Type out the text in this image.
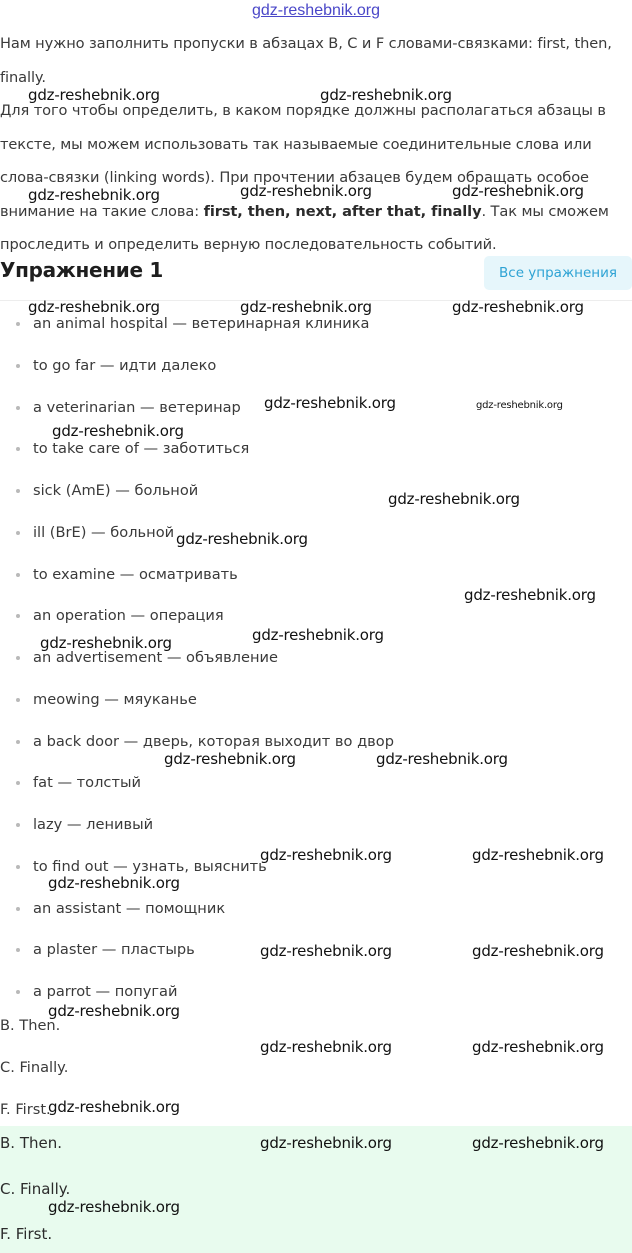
gdz-reshebnik.org

Нам нужно заполнить пропуски в абзацах B, C и F словами-связками: first, then, finally.

Для того чтобы определить, в каком порядке должны располагаться абзацы в тексте, мы можем использовать так называемые соединительные слова или слова-связки (linking words). При прочтении абзацев будем обращать особое внимание на такие слова: first, then, next, after that, finally. Так мы сможем проследить и определить верную последовательность событий.

Упражнение 1	Все упражнения
an animal hospital — ветеринарная клиника
to go far — идти далеко
a veterinarian — ветеринар
to take care of — заботиться
sick (AmE) — больной
ill (BrE) — больной
to examine — осматривать
an operation — операция
an advertisement — объявление
meowing — мяуканье
a back door — дверь, которая выходит во двор
fat — толстый
lazy — ленивый
to find out — узнать, выяснить
an assistant — помощник
a plaster — пластырь
a parrot — попугай
B. Then.
C. Finally.
F. First.
B. Then.
C. Finally.
F. First.
gdz-reshebnik.org	gdz-reshebnik.org
gdz-reshebnik.org	gdz-reshebnik.org	gdz-reshebnik.org
gdz-reshebnik.org	gdz-reshebnik.org	gdz-reshebnik.org
gdz-reshebnik.org	gdz-reshebnik.org
gdz-reshebnik.org
gdz-reshebnik.org
gdz-reshebnik.org
gdz-reshebnik.org
gdz-reshebnik.org
gdz-reshebnik.org
gdz-reshebnik.org	gdz-reshebnik.org
gdz-reshebnik.org	gdz-reshebnik.org
gdz-reshebnik.org
gdz-reshebnik.org	gdz-reshebnik.org
gdz-reshebnik.org
gdz-reshebnik.org	gdz-reshebnik.org
gdz-reshebnik.org
gdz-reshebnik.org	gdz-reshebnik.org
gdz-reshebnik.org
